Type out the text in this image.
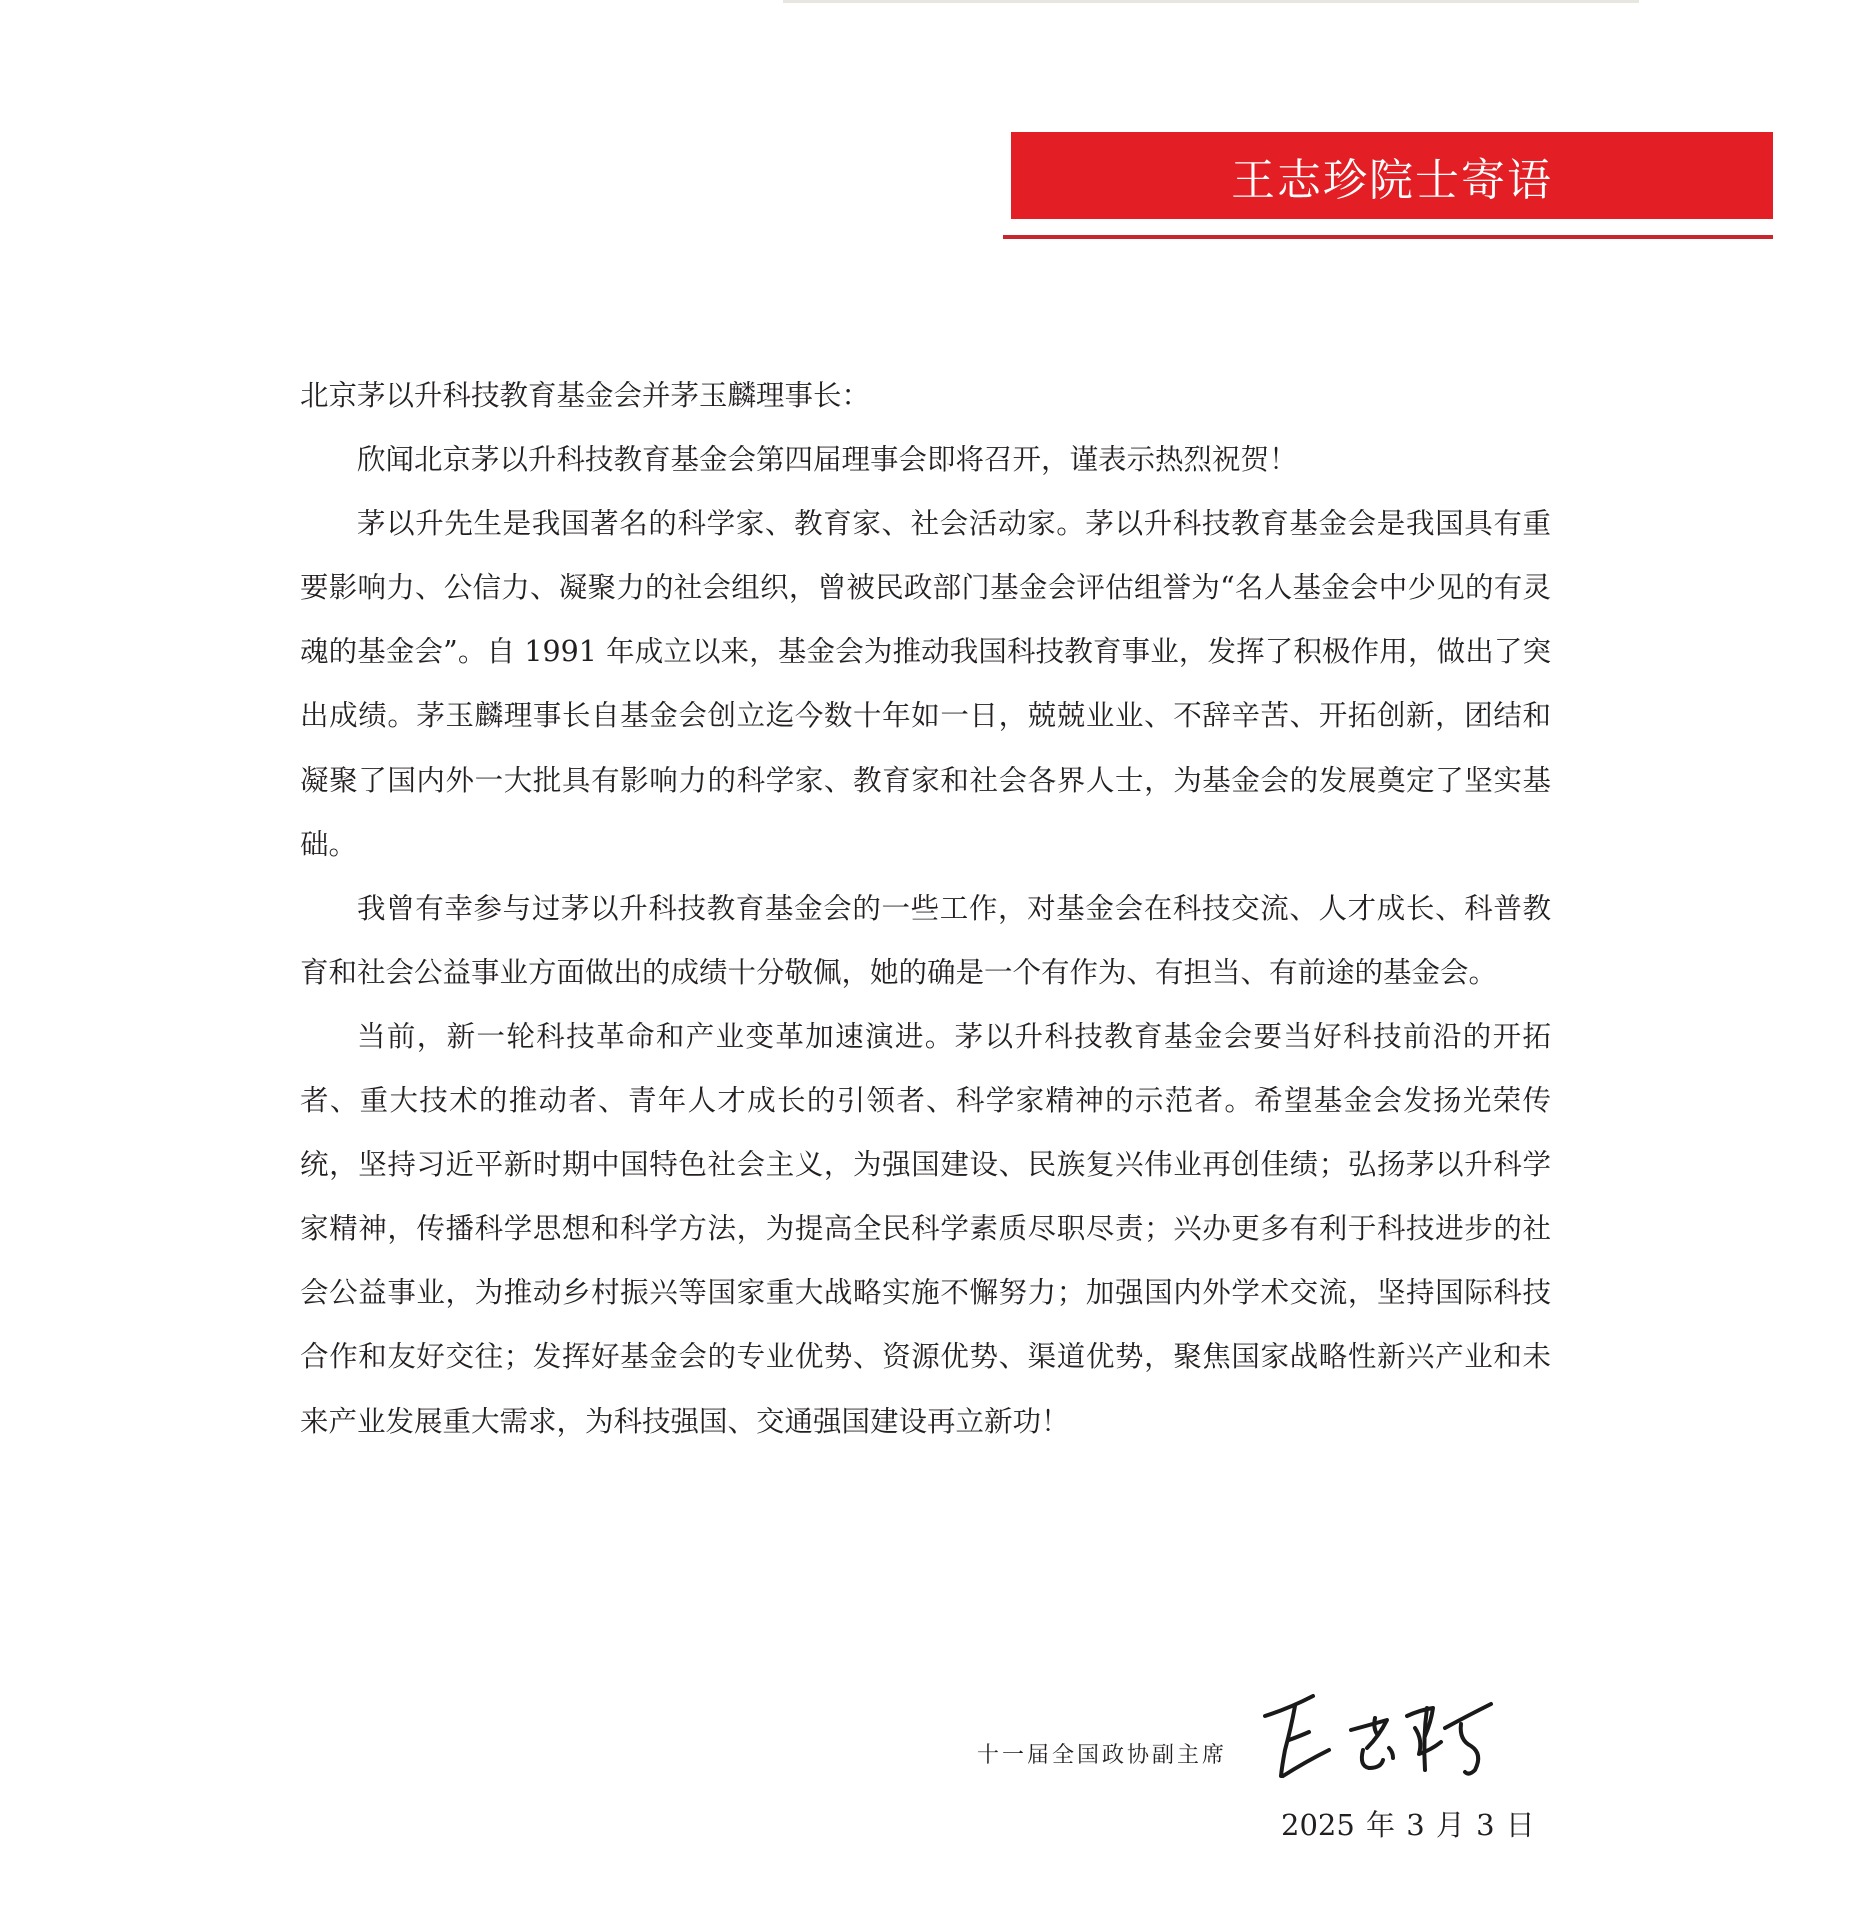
王志珍院士寄语

北京茅以升科技教育基金会并茅玉麟理事长：

欣闻北京茅以升科技教育基金会第四届理事会即将召开，谨表示热烈祝贺！

茅以升先生是我国著名的科学家、教育家、社会活动家。茅以升科技教育基金会是我国具有重要影响力、公信力、凝聚力的社会组织，曾被民政部门基金会评估组誉为“名人基金会中少见的有灵魂的基金会”。自 1991 年成立以来，基金会为推动我国科技教育事业，发挥了积极作用，做出了突出成绩。茅玉麟理事长自基金会创立迄今数十年如一日，兢兢业业、不辞辛苦、开拓创新，团结和凝聚了国内外一大批具有影响力的科学家、教育家和社会各界人士，为基金会的发展奠定了坚实基础。

我曾有幸参与过茅以升科技教育基金会的一些工作，对基金会在科技交流、人才成长、科普教育和社会公益事业方面做出的成绩十分敬佩，她的确是一个有作为、有担当、有前途的基金会。

当前，新一轮科技革命和产业变革加速演进。茅以升科技教育基金会要当好科技前沿的开拓者、重大技术的推动者、青年人才成长的引领者、科学家精神的示范者。希望基金会发扬光荣传统，坚持习近平新时期中国特色社会主义，为强国建设、民族复兴伟业再创佳绩；弘扬茅以升科学家精神，传播科学思想和科学方法，为提高全民科学素质尽职尽责；兴办更多有利于科技进步的社会公益事业，为推动乡村振兴等国家重大战略实施不懈努力；加强国内外学术交流，坚持国际科技合作和友好交往；发挥好基金会的专业优势、资源优势、渠道优势，聚焦国家战略性新兴产业和未来产业发展重大需求，为科技强国、交通强国建设再立新功！

十一届全国政协副主席
2025 年 3 月 3 日
